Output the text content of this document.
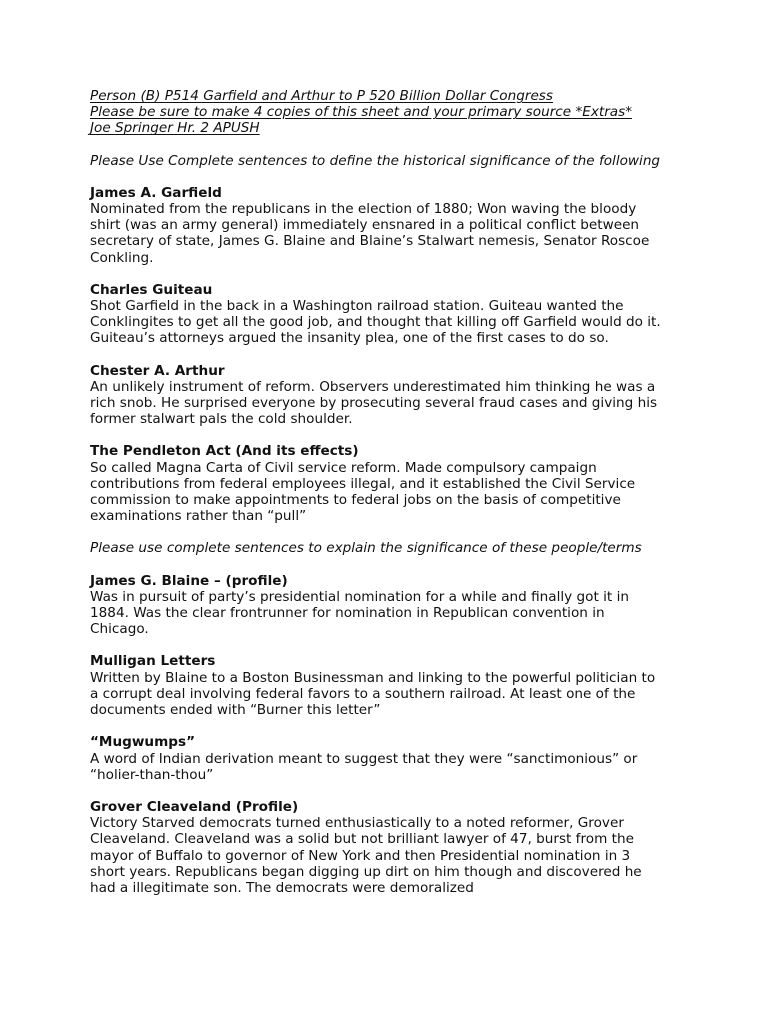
Person (B) P514 Garfield and Arthur to P 520 Billion Dollar Congress
Please be sure to make 4 copies of this sheet and your primary source *Extras*
Joe Springer Hr. 2 APUSH
Please Use Complete sentences to define the historical significance of the following
James A. Garfield
Nominated from the republicans in the election of 1880; Won waving the bloody
shirt (was an army general) immediately ensnared in a political conflict between
secretary of state, James G. Blaine and Blaine’s Stalwart nemesis, Senator Roscoe
Conkling.
Charles Guiteau
Shot Garfield in the back in a Washington railroad station. Guiteau wanted the
Conklingites to get all the good job, and thought that killing off Garfield would do it.
Guiteau’s attorneys argued the insanity plea, one of the first cases to do so.
Chester A. Arthur
An unlikely instrument of reform. Observers underestimated him thinking he was a
rich snob. He surprised everyone by prosecuting several fraud cases and giving his
former stalwart pals the cold shoulder.
The Pendleton Act (And its effects)
So called Magna Carta of Civil service reform. Made compulsory campaign
contributions from federal employees illegal, and it established the Civil Service
commission to make appointments to federal jobs on the basis of competitive
examinations rather than “pull”
Please use complete sentences to explain the significance of these people/terms
James G. Blaine – (profile)
Was in pursuit of party’s presidential nomination for a while and finally got it in
1884. Was the clear frontrunner for nomination in Republican convention in
Chicago.
Mulligan Letters
Written by Blaine to a Boston Businessman and linking to the powerful politician to
a corrupt deal involving federal favors to a southern railroad. At least one of the
documents ended with “Burner this letter”
“Mugwumps”
A word of Indian derivation meant to suggest that they were “sanctimonious” or
“holier-than-thou”
Grover Cleaveland (Profile)
Victory Starved democrats turned enthusiastically to a noted reformer, Grover
Cleaveland. Cleaveland was a solid but not brilliant lawyer of 47, burst from the
mayor of Buffalo to governor of New York and then Presidential nomination in 3
short years. Republicans began digging up dirt on him though and discovered he
had a illegitimate son. The democrats were demoralized
